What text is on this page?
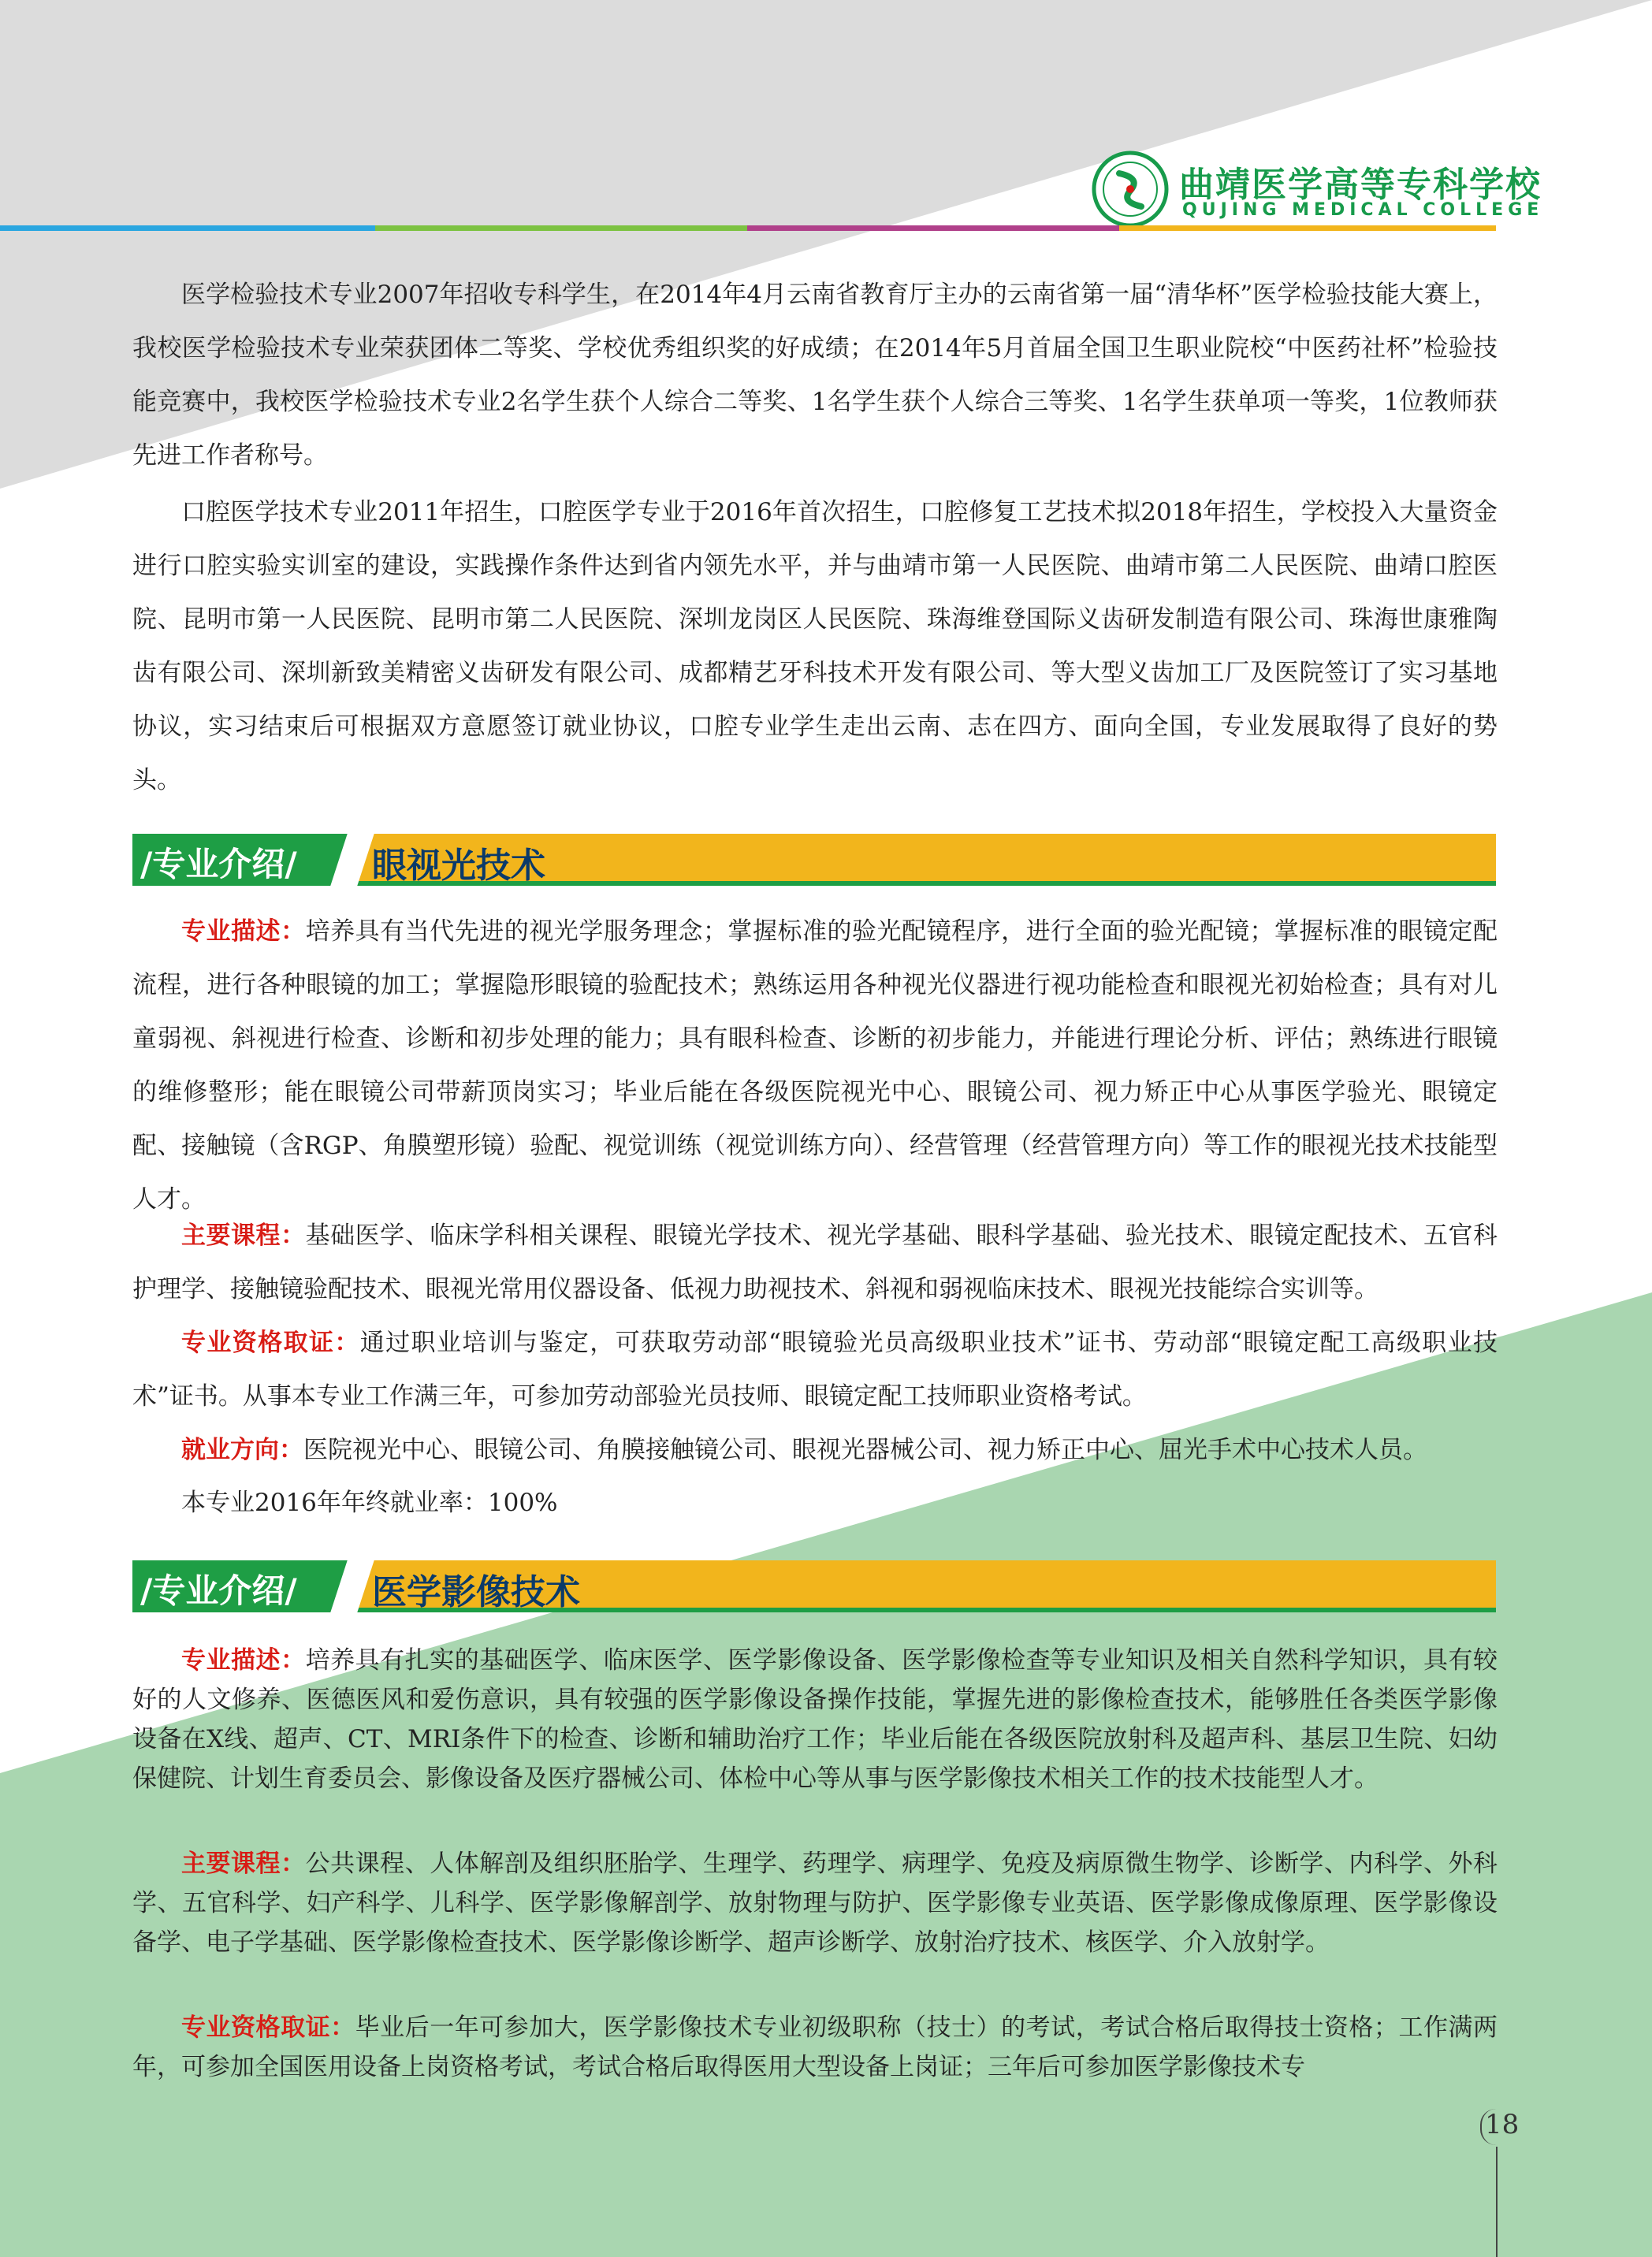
曲靖医学高等专科学校
QUJING MEDICAL COLLEGE

医学检验技术专业2007年招收专科学生，在2014年4月云南省教育厅主办的云南省第一届“清华杯”医学检验技能大赛上，我校医学检验技术专业荣获团体二等奖、学校优秀组织奖的好成绩；在2014年5月首届全国卫生职业院校“中医药社杯”检验技能竞赛中，我校医学检验技术专业2名学生获个人综合二等奖、1名学生获个人综合三等奖、1名学生获单项一等奖，1位教师获先进工作者称号。

口腔医学技术专业2011年招生，口腔医学专业于2016年首次招生，口腔修复工艺技术拟2018年招生，学校投入大量资金进行口腔实验实训室的建设，实践操作条件达到省内领先水平，并与曲靖市第一人民医院、曲靖市第二人民医院、曲靖口腔医院、昆明市第一人民医院、昆明市第二人民医院、深圳龙岗区人民医院、珠海维登国际义齿研发制造有限公司、珠海世康雅陶齿有限公司、深圳新致美精密义齿研发有限公司、成都精艺牙科技术开发有限公司、等大型义齿加工厂及医院签订了实习基地协议，实习结束后可根据双方意愿签订就业协议，口腔专业学生走出云南、志在四方、面向全国，专业发展取得了良好的势头。

/专业介绍/ 眼视光技术

专业描述：培养具有当代先进的视光学服务理念；掌握标准的验光配镜程序，进行全面的验光配镜；掌握标准的眼镜定配流程，进行各种眼镜的加工；掌握隐形眼镜的验配技术；熟练运用各种视光仪器进行视功能检查和眼视光初始检查；具有对儿童弱视、斜视进行检查、诊断和初步处理的能力；具有眼科检查、诊断的初步能力，并能进行理论分析、评估；熟练进行眼镜的维修整形；能在眼镜公司带薪顶岗实习；毕业后能在各级医院视光中心、眼镜公司、视力矫正中心从事医学验光、眼镜定配、接触镜（含RGP、角膜塑形镜）验配、视觉训练（视觉训练方向）、经营管理（经营管理方向）等工作的眼视光技术技能型人才。

主要课程：基础医学、临床学科相关课程、眼镜光学技术、视光学基础、眼科学基础、验光技术、眼镜定配技术、五官科护理学、接触镜验配技术、眼视光常用仪器设备、低视力助视技术、斜视和弱视临床技术、眼视光技能综合实训等。

专业资格取证：通过职业培训与鉴定，可获取劳动部“眼镜验光员高级职业技术”证书、劳动部“眼镜定配工高级职业技术”证书。从事本专业工作满三年，可参加劳动部验光员技师、眼镜定配工技师职业资格考试。

就业方向：医院视光中心、眼镜公司、角膜接触镜公司、眼视光器械公司、视力矫正中心、屈光手术中心技术人员。

本专业2016年年终就业率：100%

/专业介绍/ 医学影像技术

专业描述：培养具有扎实的基础医学、临床医学、医学影像设备、医学影像检查等专业知识及相关自然科学知识，具有较好的人文修养、医德医风和爱伤意识，具有较强的医学影像设备操作技能，掌握先进的影像检查技术，能够胜任各类医学影像设备在X线、超声、CT、MRI条件下的检查、诊断和辅助治疗工作；毕业后能在各级医院放射科及超声科、基层卫生院、妇幼保健院、计划生育委员会、影像设备及医疗器械公司、体检中心等从事与医学影像技术相关工作的技术技能型人才。

主要课程：公共课程、人体解剖及组织胚胎学、生理学、药理学、病理学、免疫及病原微生物学、诊断学、内科学、外科学、五官科学、妇产科学、儿科学、医学影像解剖学、放射物理与防护、医学影像专业英语、医学影像成像原理、医学影像设备学、电子学基础、医学影像检查技术、医学影像诊断学、超声诊断学、放射治疗技术、核医学、介入放射学。

专业资格取证：毕业后一年可参加大，医学影像技术专业初级职称（技士）的考试，考试合格后取得技士资格；工作满两年，可参加全国医用设备上岗资格考试，考试合格后取得医用大型设备上岗证；三年后可参加医学影像技术专

18
